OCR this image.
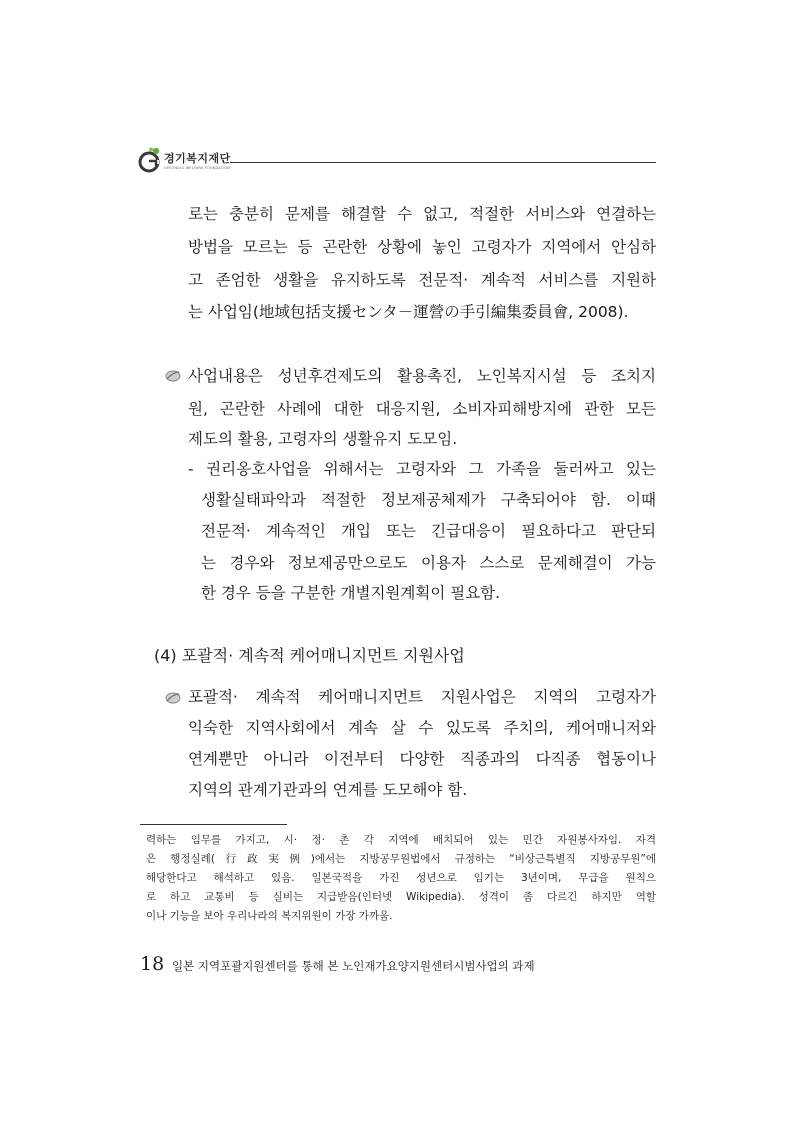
경기복지재단
GYEONGGI WELFARE FOUNDATION
로는 충분히 문제를 해결할 수 없고, 적절한 서비스와 연결하는
방법을 모르는 등 곤란한 상황에 놓인 고령자가 지역에서 안심하
고 존엄한 생활을 유지하도록 전문적· 계속적 서비스를 지원하
는 사업임(地域包括支援センタ－運營の手引編集委員會, 2008).
사업내용은 성년후견제도의 활용촉진, 노인복지시설 등 조치지
원, 곤란한 사례에 대한 대응지원, 소비자피해방지에 관한 모든
제도의 활용, 고령자의 생활유지 도모임.
- 권리옹호사업을 위해서는 고령자와 그 가족을 둘러싸고 있는
생활실태파악과 적절한 정보제공체제가 구축되어야 함. 이때
전문적· 계속적인 개입 또는 긴급대응이 필요하다고 판단되
는 경우와 정보제공만으로도 이용자 스스로 문제해결이 가능
한 경우 등을 구분한 개별지원계획이 필요함.
(4) 포괄적· 계속적 케어매니지먼트 지원사업
포괄적· 계속적 케어매니지먼트 지원사업은 지역의 고령자가
익숙한 지역사회에서 계속 살 수 있도록 주치의, 케어매니저와
연계뿐만 아니라 이전부터 다양한 직종과의 다직종 협동이나
지역의 관계기관과의 연계를 도모해야 함.
력하는 임무를 가지고, 시· 정· 촌 각 지역에 배치되어 있는 민간 자원봉사자임. 자격
은 행정실례(行政実例)에서는 지방공무원법에서 규정하는 “비상근특별직 지방공무원”에
해당한다고 해석하고 있음. 일본국적을 가진 성년으로 임기는 3년이며, 무급을 원칙으
로 하고 교통비 등 실비는 지급받음(인터넷 Wikipedia). 성격이 좀 다르긴 하지만 역할
이나 기능을 보아 우리나라의 복지위원이 가장 가까움.
18 일본 지역포괄지원센터를 통해 본 노인재가요양지원센터시범사업의 과제
